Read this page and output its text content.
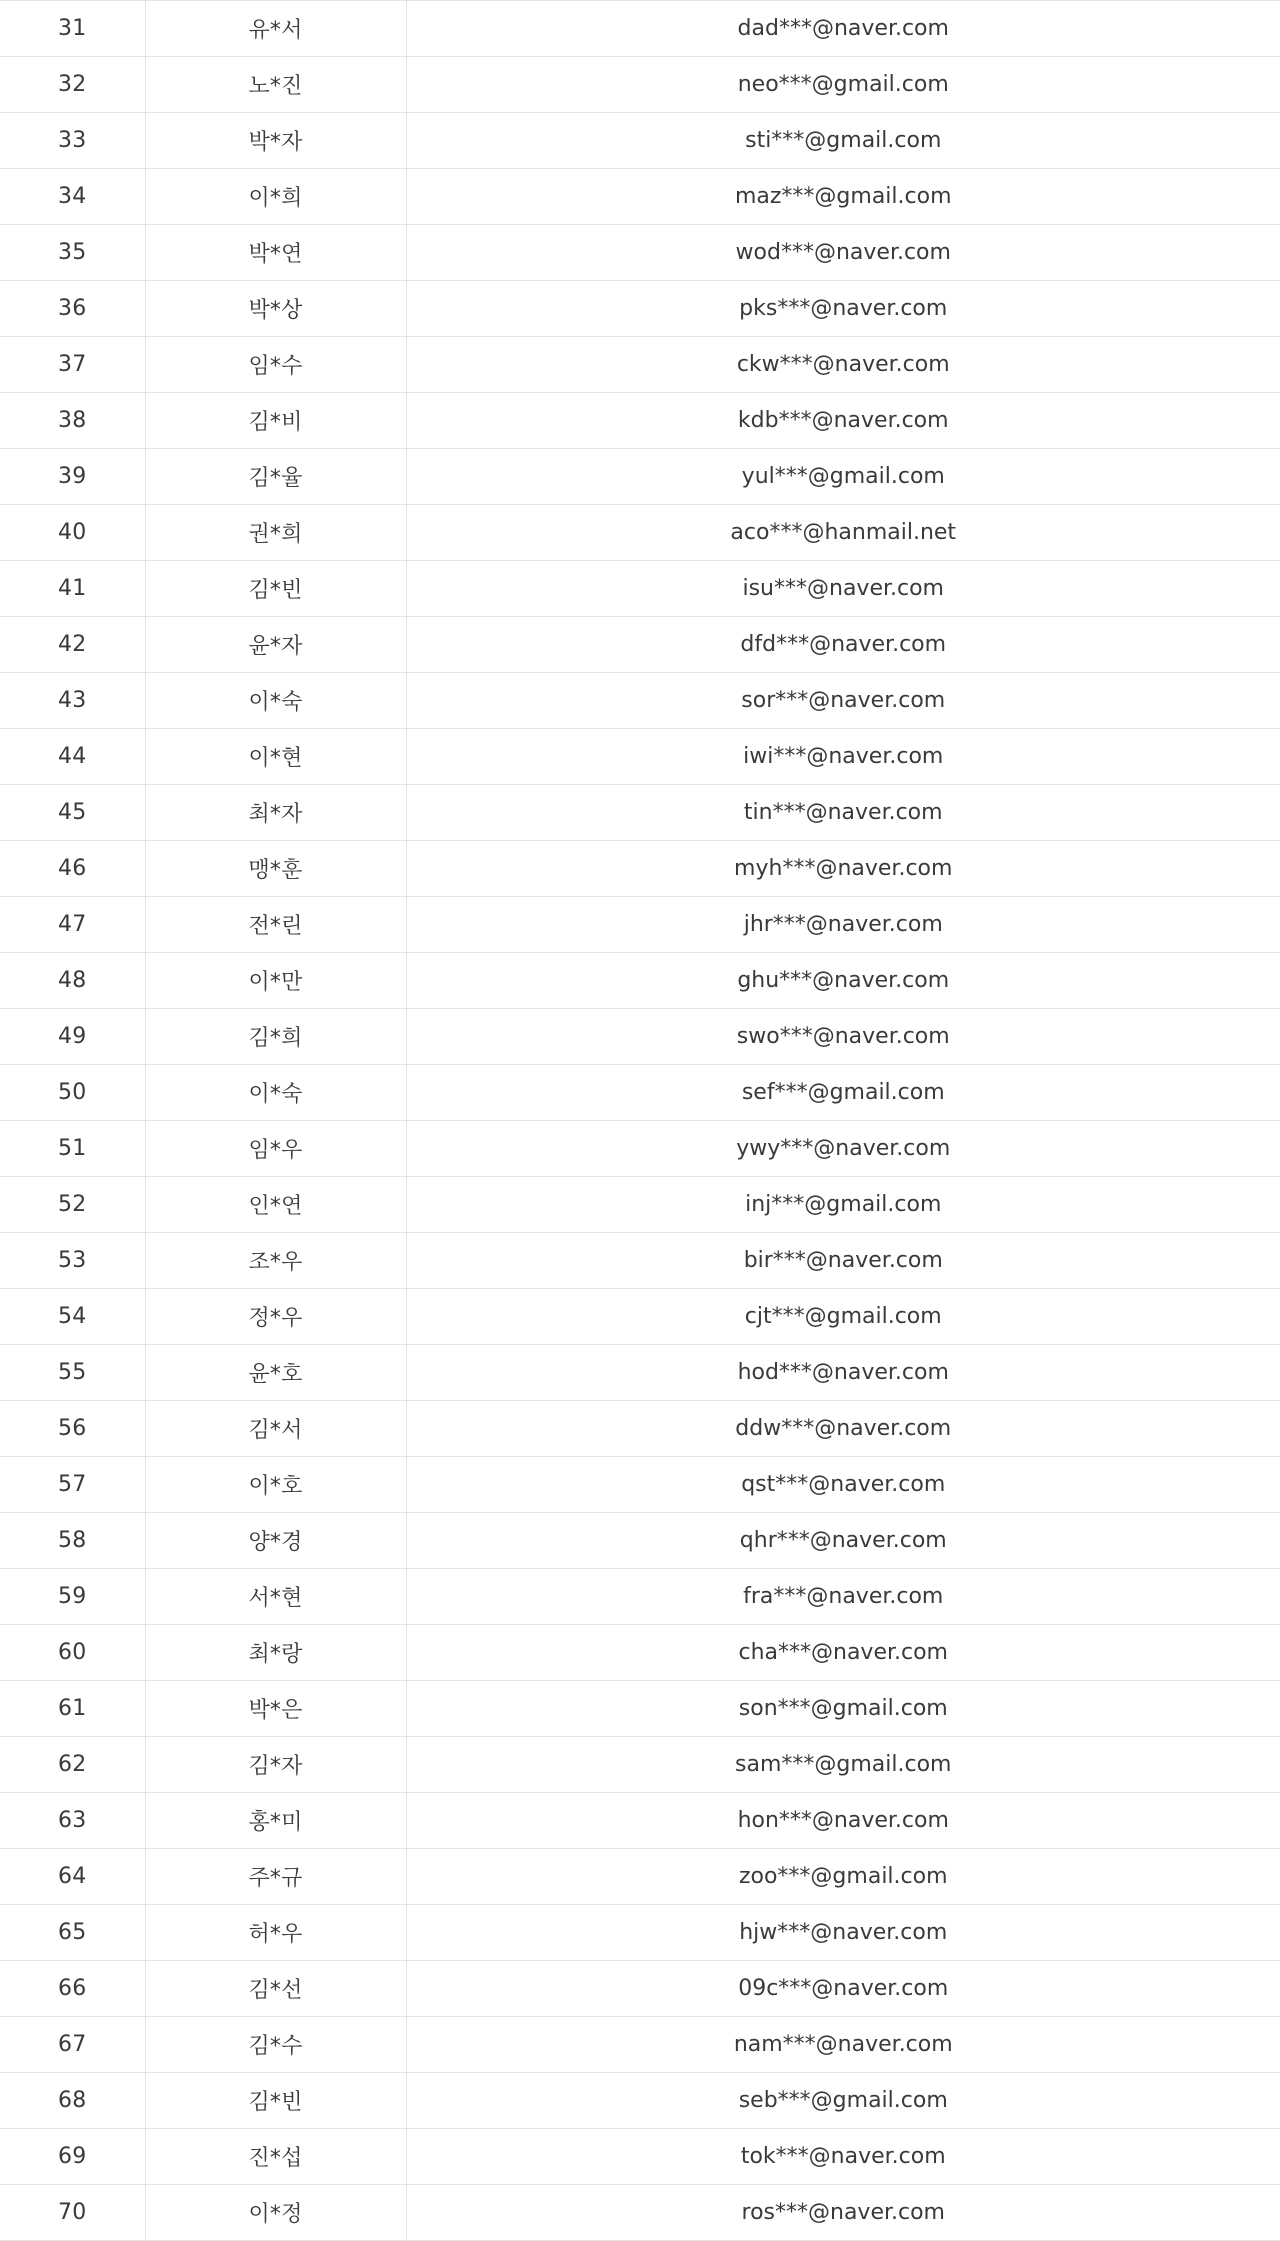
31	유*서	dad***@naver.com
32	노*진	neo***@gmail.com
33	박*자	sti***@gmail.com
34	이*희	maz***@gmail.com
35	박*연	wod***@naver.com
36	박*상	pks***@naver.com
37	임*수	ckw***@naver.com
38	김*비	kdb***@naver.com
39	김*율	yul***@gmail.com
40	권*희	aco***@hanmail.net
41	김*빈	isu***@naver.com
42	윤*자	dfd***@naver.com
43	이*숙	sor***@naver.com
44	이*현	iwi***@naver.com
45	최*자	tin***@naver.com
46	맹*훈	myh***@naver.com
47	전*린	jhr***@naver.com
48	이*만	ghu***@naver.com
49	김*희	swo***@naver.com
50	이*숙	sef***@gmail.com
51	임*우	ywy***@naver.com
52	인*연	inj***@gmail.com
53	조*우	bir***@naver.com
54	정*우	cjt***@gmail.com
55	윤*호	hod***@naver.com
56	김*서	ddw***@naver.com
57	이*호	qst***@naver.com
58	양*경	qhr***@naver.com
59	서*현	fra***@naver.com
60	최*랑	cha***@naver.com
61	박*은	son***@gmail.com
62	김*자	sam***@gmail.com
63	홍*미	hon***@naver.com
64	주*규	zoo***@gmail.com
65	허*우	hjw***@naver.com
66	김*선	09c***@naver.com
67	김*수	nam***@naver.com
68	김*빈	seb***@gmail.com
69	진*섭	tok***@naver.com
70	이*정	ros***@naver.com
